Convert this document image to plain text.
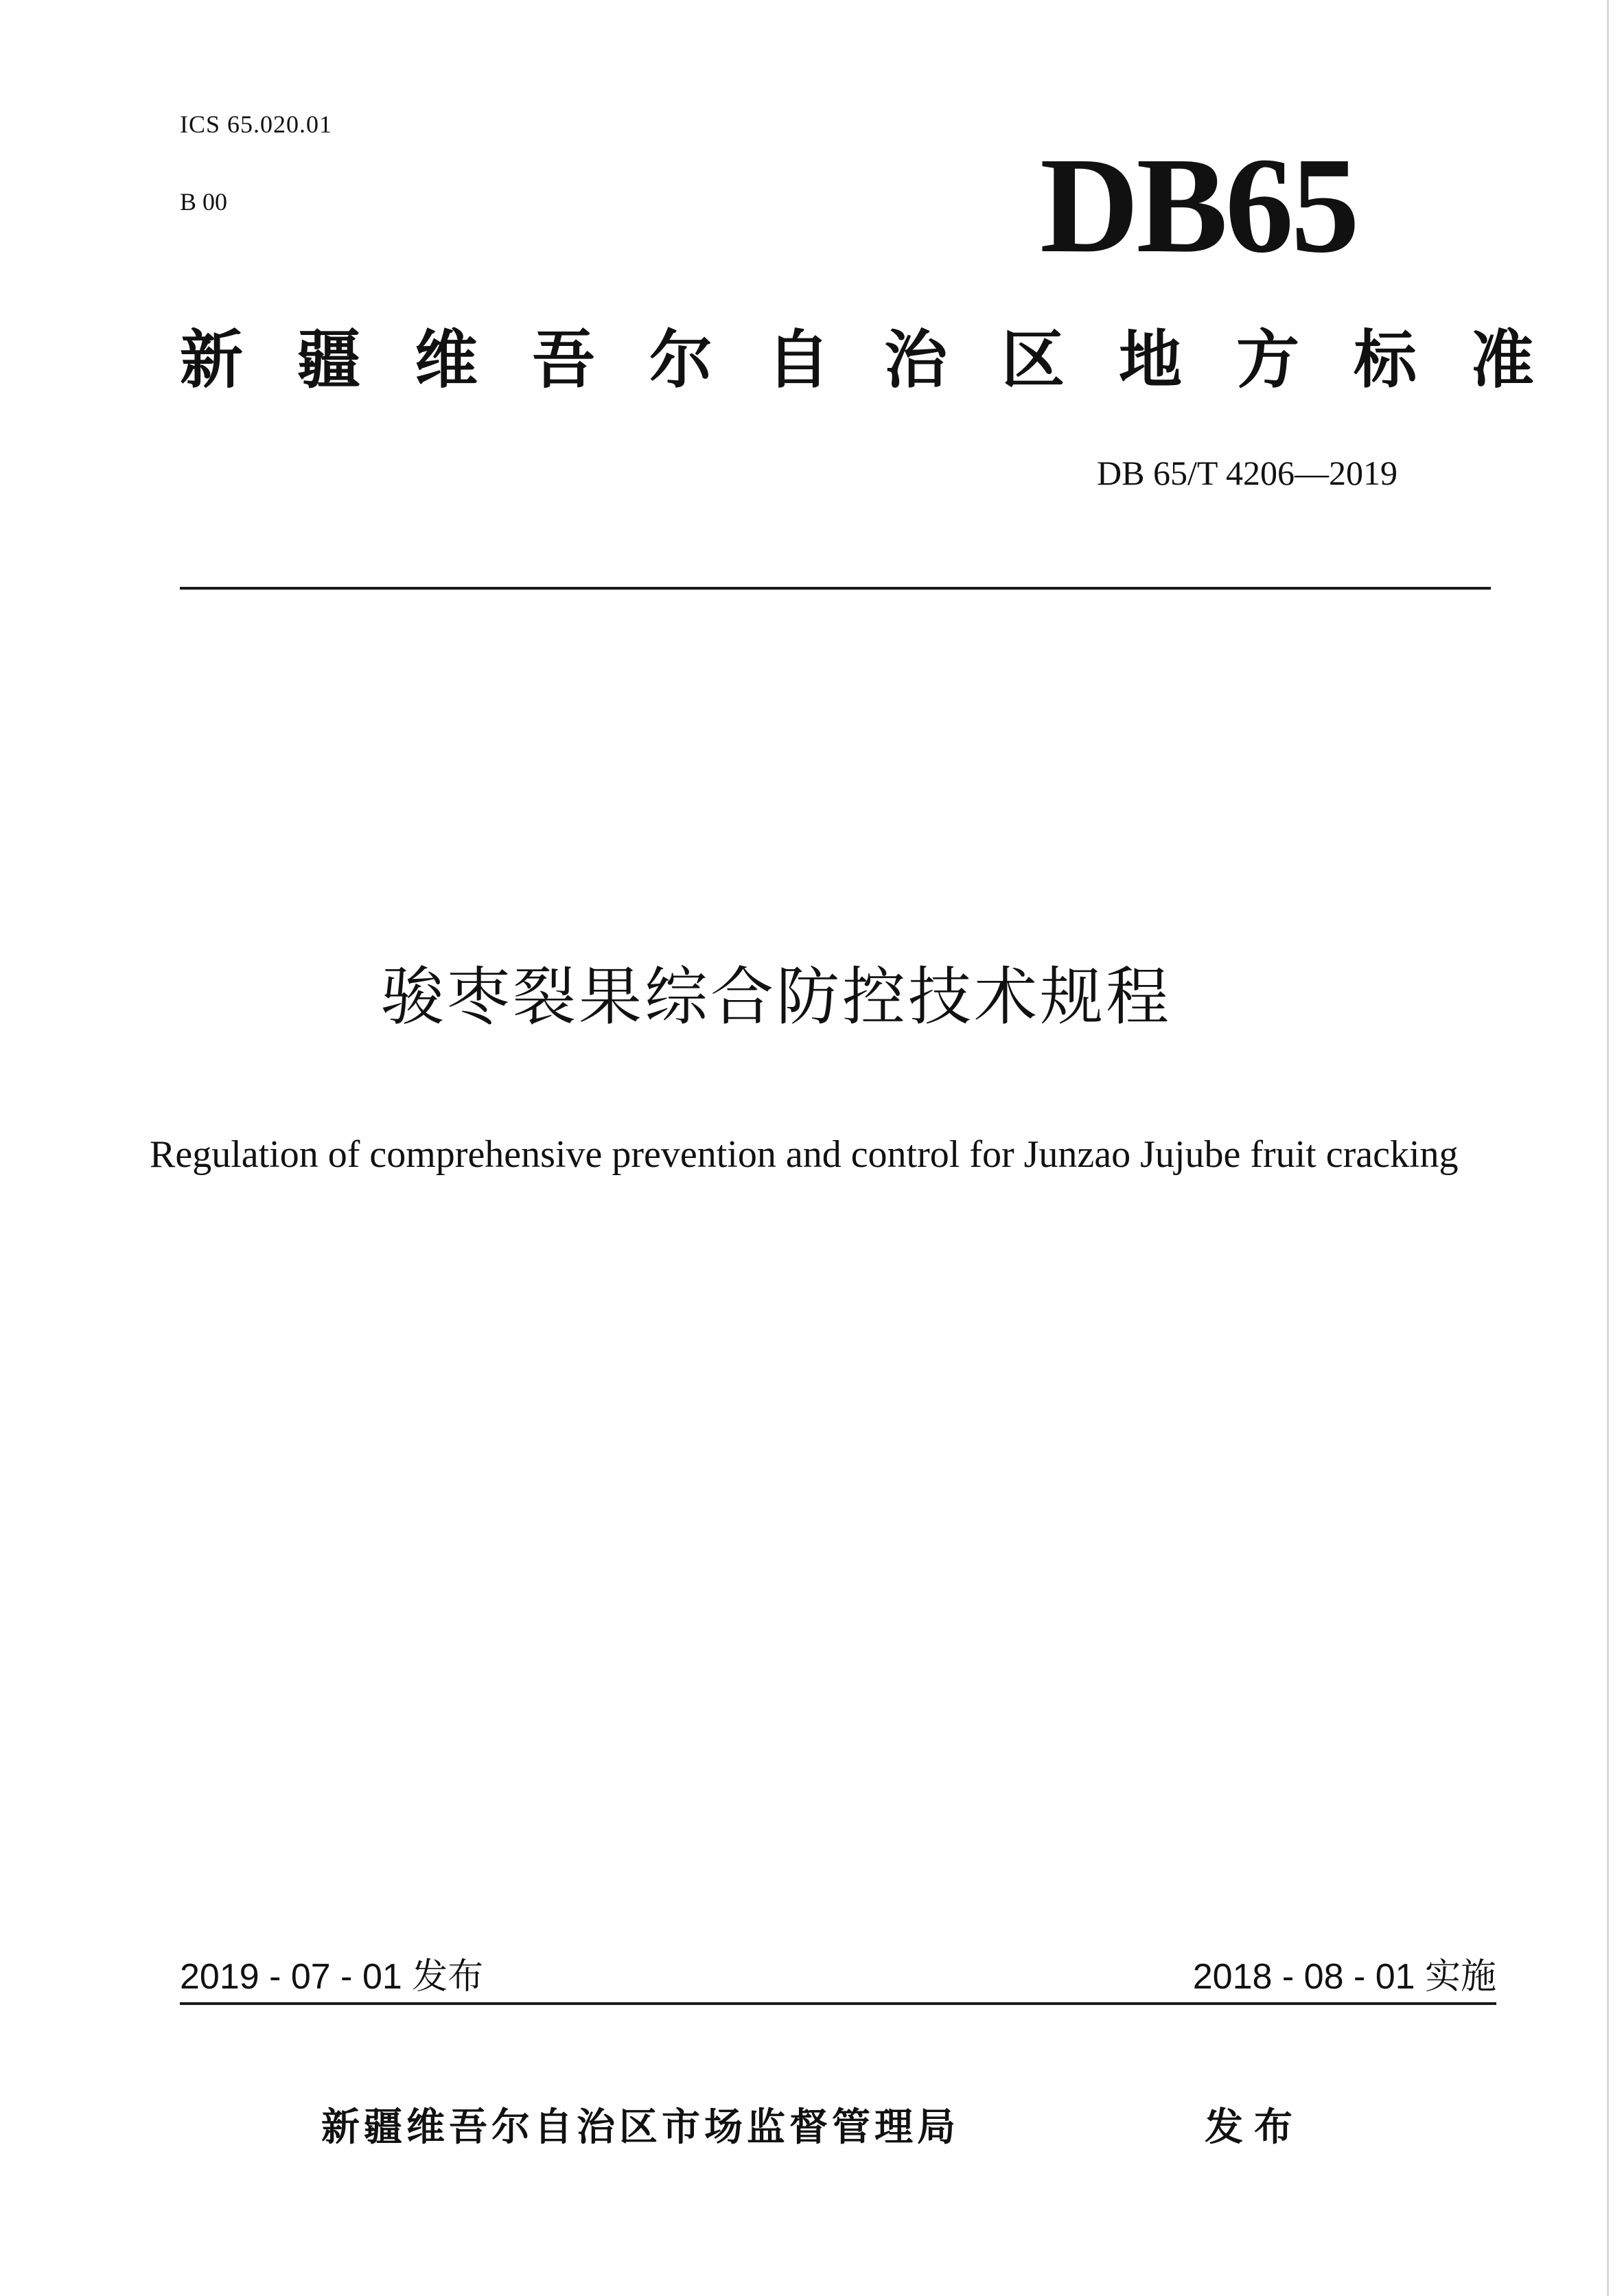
ICS 65.020.01
B 00	DB65
新疆维吾尔自治区地方标准
DB 65/T 4206—2019
骏枣裂果综合防控技术规程
Regulation of comprehensive prevention and control for Junzao Jujube fruit cracking
2019 - 07 - 01 发布	2018 - 08 - 01 实施
新疆维吾尔自治区市场监督管理局	发布
